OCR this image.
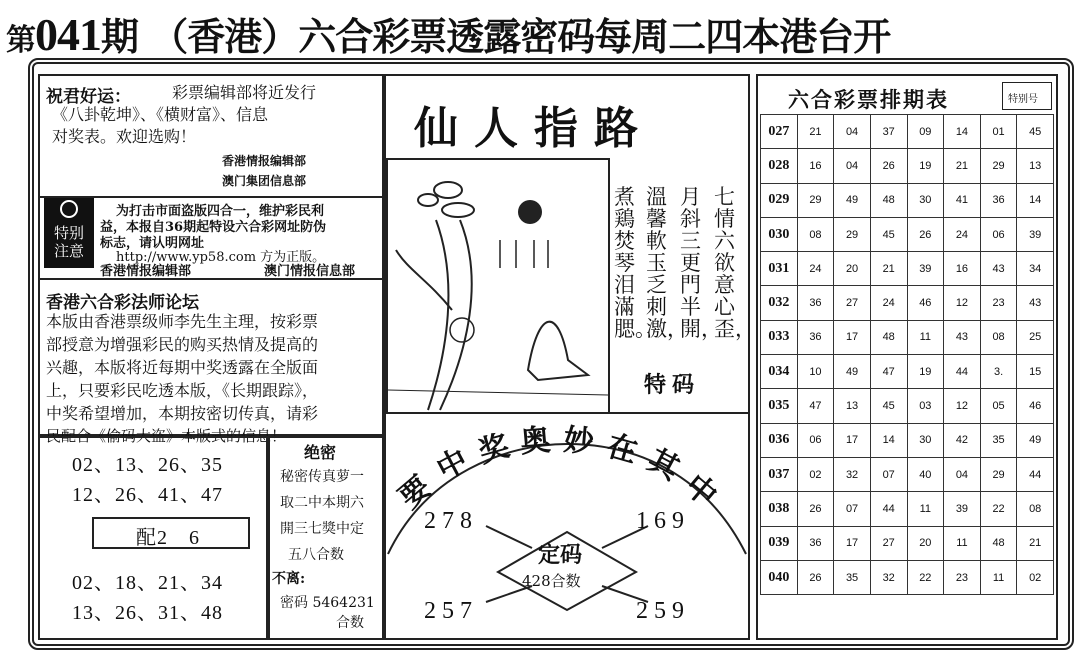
第041期 （香港）六合彩票透露密码每周二四本港台开
祝君好运：	彩票编辑部将近发行
《八卦乾坤》、《横财富》、信息
对奖表。欢迎选购！
香港情报编辑部
澳门集团信息部
特别注意
为打击市面盗版四合一，维护彩民利
益，本报自36期起特设六合彩网址防伪
标志，请认明网址
http://www.yp58.com 方为正版。
香港情报编辑部	澳门情报信息部
香港六合彩法师论坛
本版由香港票级师李先生主理，按彩票
部授意为增强彩民的购买热情及提高的
兴趣，本版将近每期中奖透露在全版面
上，只要彩民吃透本版，《长期跟踪》，
中奖希望增加，本期按密切传真，请彩
民配合《偷码大盗》本版式的信息！
02、13、26、35
12、26、41、47
配2　6
02、18、21、34
13、26、31、48
绝密
秘密传真萝一
取二中本期六
開三七獎中定
五八合数
不离:
密码 5464231
合数
仙人指路
七情六欲意心歪，
月斜三更門半開，
溫馨軟玉乏刺激，
煮鶏焚琴泪滿腮。
特码
要
中 奖 奥 妙 在 其
中
定码
428合数
278	169
257	259
六合彩票排期表	特别号
027	21	04	37	09	14	01	45
028	16	04	26	19	21	29	13
029	29	49	48	30	41	36	14
030	08	29	45	26	24	06	39
031	24	20	21	39	16	43	34
032	36	27	24	46	12	23	43
033	36	17	48	11	43	08	25
034	10	49	47	19	44	3.	15
035	47	13	45	03	12	05	46
036	06	17	14	30	42	35	49
037	02	32	07	40	04	29	44
038	26	07	44	11	39	22	08
039	36	17	27	20	11	48	21
040	26	35	32	22	23	11	02
